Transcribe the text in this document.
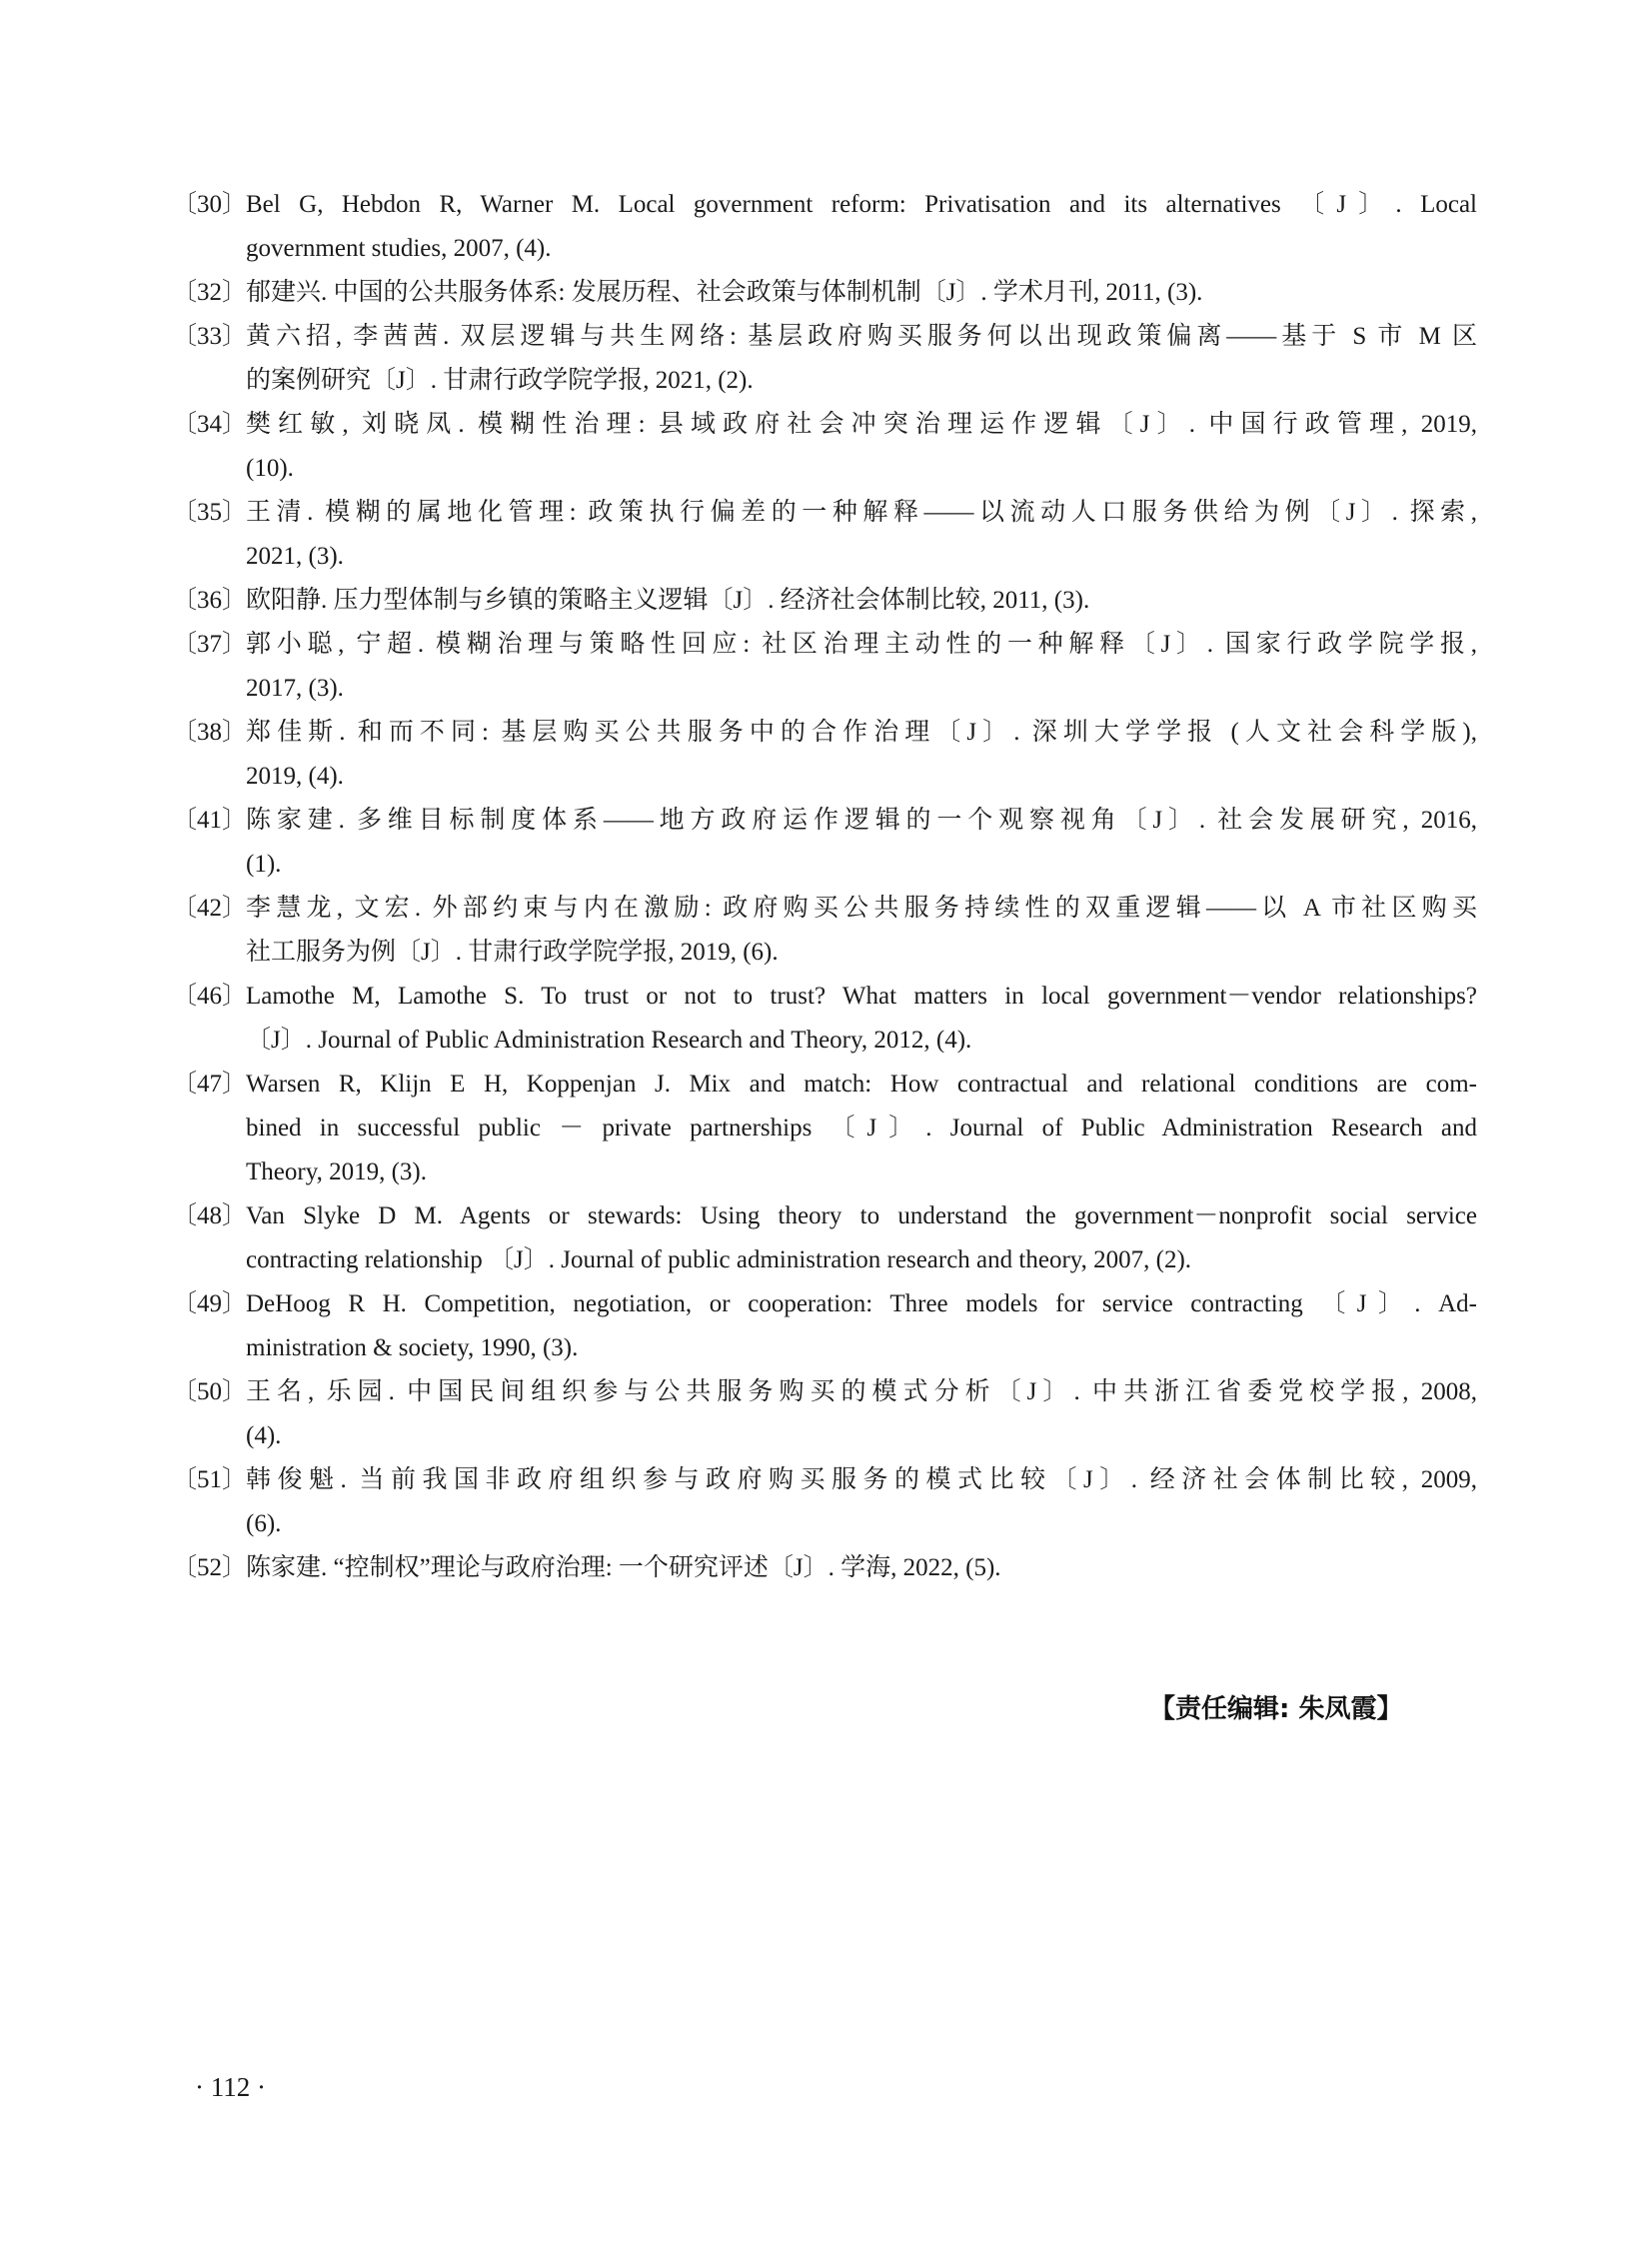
〔30〕
Bel G, Hebdon R, Warner M. Local government reform: Privatisation and its alternatives 〔J〕. Local
government studies, 2007, (4).
〔32〕
郁建兴. 中国的公共服务体系: 发展历程、社会政策与体制机制〔J〕. 学术月刊, 2011, (3).
〔33〕
黄六招, 李茜茜. 双层逻辑与共生网络: 基层政府购买服务何以出现政策偏离——基于 S 市 M 区
的案例研究〔J〕. 甘肃行政学院学报, 2021, (2).
〔34〕
樊红敏, 刘晓凤. 模糊性治理: 县域政府社会冲突治理运作逻辑〔J〕. 中国行政管理, 2019,
(10).
〔35〕
王清. 模糊的属地化管理: 政策执行偏差的一种解释——以流动人口服务供给为例〔J〕. 探索,
2021, (3).
〔36〕
欧阳静. 压力型体制与乡镇的策略主义逻辑〔J〕. 经济社会体制比较, 2011, (3).
〔37〕
郭小聪, 宁超. 模糊治理与策略性回应: 社区治理主动性的一种解释〔J〕. 国家行政学院学报,
2017, (3).
〔38〕
郑佳斯. 和而不同: 基层购买公共服务中的合作治理〔J〕. 深圳大学学报 (人文社会科学版),
2019, (4).
〔41〕
陈家建. 多维目标制度体系——地方政府运作逻辑的一个观察视角〔J〕. 社会发展研究, 2016,
(1).
〔42〕
李慧龙, 文宏. 外部约束与内在激励: 政府购买公共服务持续性的双重逻辑——以 A 市社区购买
社工服务为例〔J〕. 甘肃行政学院学报, 2019, (6).
〔46〕
Lamothe M, Lamothe S. To trust or not to trust? What matters in local government－vendor relationships?
〔J〕. Journal of Public Administration Research and Theory, 2012, (4).
〔47〕
Warsen R, Klijn E H, Koppenjan J. Mix and match: How contractual and relational conditions are com-
bined in successful public － private partnerships 〔J〕. Journal of Public Administration Research and
Theory, 2019, (3).
〔48〕
Van Slyke D M. Agents or stewards: Using theory to understand the government－nonprofit social service
contracting relationship 〔J〕. Journal of public administration research and theory, 2007, (2).
〔49〕
DeHoog R H. Competition, negotiation, or cooperation: Three models for service contracting 〔J〕. Ad-
ministration & society, 1990, (3).
〔50〕
王名, 乐园. 中国民间组织参与公共服务购买的模式分析〔J〕. 中共浙江省委党校学报, 2008,
(4).
〔51〕
韩俊魁. 当前我国非政府组织参与政府购买服务的模式比较〔J〕. 经济社会体制比较, 2009,
(6).
〔52〕
陈家建. “控制权”理论与政府治理: 一个研究评述〔J〕. 学海, 2022, (5).
【责任编辑: 朱凤霞】
· 112 ·
